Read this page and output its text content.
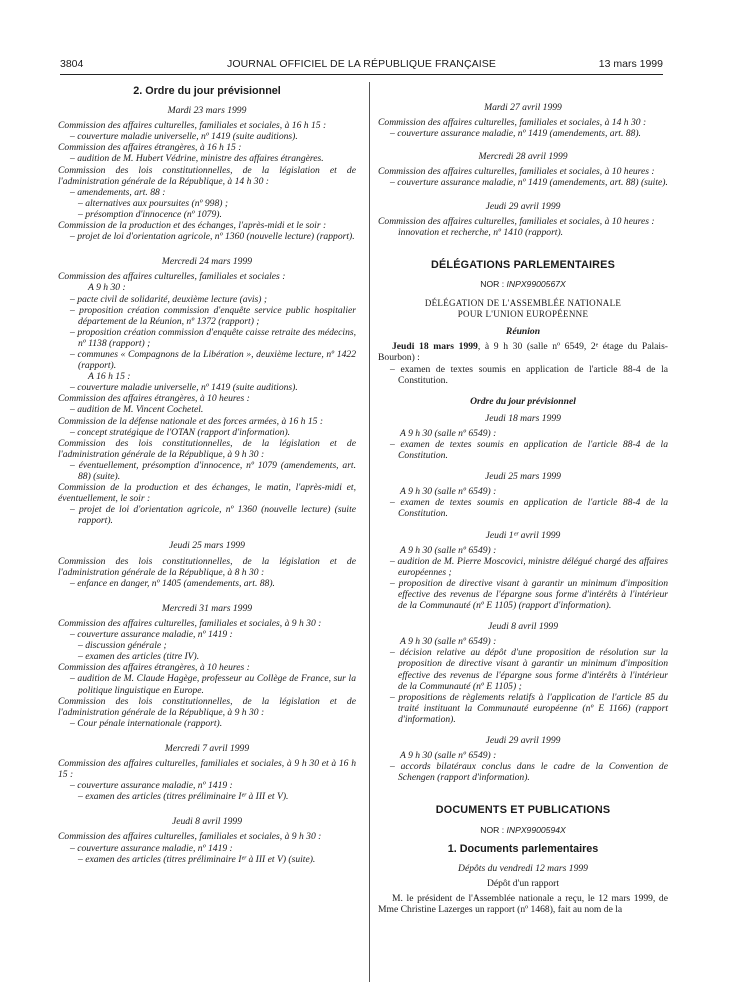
3804	JOURNAL OFFICIEL DE LA RÉPUBLIQUE FRANÇAISE	13 mars 1999
2. Ordre du jour prévisionnel
Mardi 23 mars 1999

Commission des affaires culturelles, familiales et sociales, à 16 h 15 :

– couverture maladie universelle, nº 1419 (suite auditions).

Commission des affaires étrangères, à 16 h 15 :

– audition de M. Hubert Védrine, ministre des affaires étrangères.

Commission des lois constitutionnelles, de la législation et de l'administration générale de la République, à 14 h 30 :

– amendements, art. 88 :

– alternatives aux poursuites (nº 998) ;

– présomption d'innocence (nº 1079).

Commission de la production et des échanges, l'après-midi et le soir :

– projet de loi d'orientation agricole, nº 1360 (nouvelle lecture) (rapport).

Mercredi 24 mars 1999

Commission des affaires culturelles, familiales et sociales :

A 9 h 30 :

– pacte civil de solidarité, deuxième lecture (avis) ;

– proposition création commission d'enquête service public hospitalier département de la Réunion, nº 1372 (rapport) ;

– proposition création commission d'enquête caisse retraite des médecins, nº 1138 (rapport) ;

– communes « Compagnons de la Libération », deuxième lecture, nº 1422 (rapport).

A 16 h 15 :

– couverture maladie universelle, nº 1419 (suite auditions).

Commission des affaires étrangères, à 10 heures :

– audition de M. Vincent Cochetel.

Commission de la défense nationale et des forces armées, à 16 h 15 :

– concept stratégique de l'OTAN (rapport d'information).

Commission des lois constitutionnelles, de la législation et de l'administration générale de la République, à 9 h 30 :

– éventuellement, présomption d'innocence, nº 1079 (amendements, art. 88) (suite).

Commission de la production et des échanges, le matin, l'après-midi et, éventuellement, le soir :

– projet de loi d'orientation agricole, nº 1360 (nouvelle lecture) (suite rapport).

Jeudi 25 mars 1999

Commission des lois constitutionnelles, de la législation et de l'administration générale de la République, à 8 h 30 :

– enfance en danger, nº 1405 (amendements, art. 88).

Mercredi 31 mars 1999

Commission des affaires culturelles, familiales et sociales, à 9 h 30 :

– couverture assurance maladie, nº 1419 :

– discussion générale ;

– examen des articles (titre IV).

Commission des affaires étrangères, à 10 heures :

– audition de M. Claude Hagège, professeur au Collège de France, sur la politique linguistique en Europe.

Commission des lois constitutionnelles, de la législation et de l'administration générale de la République, à 9 h 30 :

– Cour pénale internationale (rapport).

Mercredi 7 avril 1999

Commission des affaires culturelles, familiales et sociales, à 9 h 30 et à 16 h 15 :

– couverture assurance maladie, nº 1419 :

– examen des articles (titres préliminaire Iᵉʳ à III et V).

Jeudi 8 avril 1999

Commission des affaires culturelles, familiales et sociales, à 9 h 30 :

– couverture assurance maladie, nº 1419 :

– examen des articles (titres préliminaire Iᵉʳ à III et V) (suite).

Mardi 27 avril 1999

Commission des affaires culturelles, familiales et sociales, à 14 h 30 :

– couverture assurance maladie, nº 1419 (amendements, art. 88).

Mercredi 28 avril 1999

Commission des affaires culturelles, familiales et sociales, à 10 heures :

– couverture assurance maladie, nº 1419 (amendements, art. 88) (suite).

Jeudi 29 avril 1999

Commission des affaires culturelles, familiales et sociales, à 10 heures :

innovation et recherche, nº 1410 (rapport).

DÉLÉGATIONS PARLEMENTAIRES
NOR : INPX9900567X

DÉLÉGATION DE L'ASSEMBLÉE NATIONALE

POUR L'UNION EUROPÉENNE

Réunion

Jeudi 18 mars 1999, à 9 h 30 (salle nº 6549, 2ᵉ étage du Palais-Bourbon) :

– examen de textes soumis en application de l'article 88-4 de la Constitution.

Ordre du jour prévisionnel
Jeudi 18 mars 1999

A 9 h 30 (salle nº 6549) :

– examen de textes soumis en application de l'article 88-4 de la Constitution.

Jeudi 25 mars 1999

A 9 h 30 (salle nº 6549) :

– examen de textes soumis en application de l'article 88-4 de la Constitution.

Jeudi 1ᵉʳ avril 1999

A 9 h 30 (salle nº 6549) :

– audition de M. Pierre Moscovici, ministre délégué chargé des affaires européennes ;

– proposition de directive visant à garantir un minimum d'imposition effective des revenus de l'épargne sous forme d'intérêts à l'intérieur de la Communauté (nº E 1105) (rapport d'information).

Jeudi 8 avril 1999

A 9 h 30 (salle nº 6549) :

– décision relative au dépôt d'une proposition de résolution sur la proposition de directive visant à garantir un minimum d'imposition effective des revenus de l'épargne sous forme d'intérêts à l'intérieur de la Communauté (nº E 1105) ;

– propositions de règlements relatifs à l'application de l'article 85 du traité instituant la Communauté européenne (nº E 1166) (rapport d'information).

Jeudi 29 avril 1999

A 9 h 30 (salle nº 6549) :

– accords bilatéraux conclus dans le cadre de la Convention de Schengen (rapport d'information).

DOCUMENTS ET PUBLICATIONS
NOR : INPX9900594X
1. Documents parlementaires
Dépôts du vendredi 12 mars 1999

Dépôt d'un rapport

M. le président de l'Assemblée nationale a reçu, le 12 mars 1999, de Mme Christine Lazerges un rapport (nº 1468), fait au nom de la
